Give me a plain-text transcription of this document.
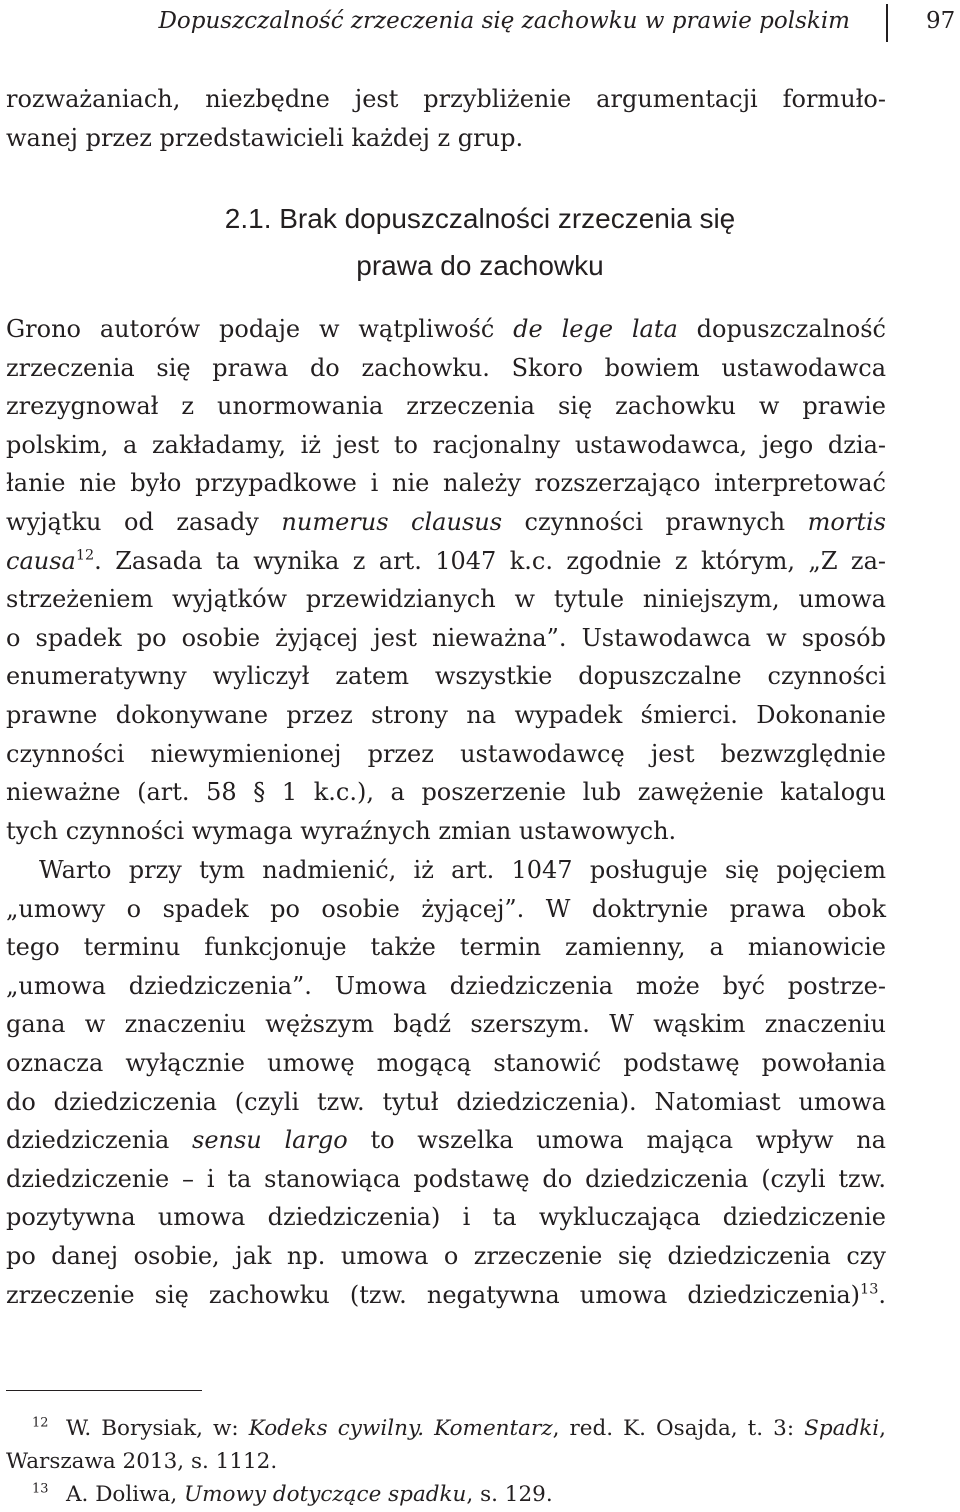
Dopuszczalność zrzeczenia się zachowku w prawie polskim	97
rozważaniach, niezbędne jest przybliżenie argumentacji formuło-
wanej przez przedstawicieli każdej z grup.
2.1. Brak dopuszczalności zrzeczenia się
prawa do zachowku
Grono autorów podaje w wątpliwość de lege lata dopuszczalność
zrzeczenia się prawa do zachowku. Skoro bowiem ustawodawca
zrezygnował z unormowania zrzeczenia się zachowku w prawie
polskim, a zakładamy, iż jest to racjonalny ustawodawca, jego dzia-
łanie nie było przypadkowe i nie należy rozszerzająco interpretować
wyjątku od zasady numerus clausus czynności prawnych mortis
causa$^{12}$. Zasada ta wynika z art. 1047 k.c. zgodnie z którym, „Z za-
strzeżeniem wyjątków przewidzianych w tytule niniejszym, umowa
o spadek po osobie żyjącej jest nieważna”. Ustawodawca w sposób
enumeratywny wyliczył zatem wszystkie dopuszczalne czynności
prawne dokonywane przez strony na wypadek śmierci. Dokonanie
czynności niewymienionej przez ustawodawcę jest bezwzględnie
nieważne (art. 58 § 1 k.c.), a poszerzenie lub zawężenie katalogu
tych czynności wymaga wyraźnych zmian ustawowych.
Warto przy tym nadmienić, iż art. 1047 posługuje się pojęciem
„umowy o spadek po osobie żyjącej”. W doktrynie prawa obok
tego terminu funkcjonuje także termin zamienny, a mianowicie
„umowa dziedziczenia”. Umowa dziedziczenia może być postrze-
gana w znaczeniu węższym bądź szerszym. W wąskim znaczeniu
oznacza wyłącznie umowę mogącą stanowić podstawę powołania
do dziedziczenia (czyli tzw. tytuł dziedziczenia). Natomiast umowa
dziedziczenia sensu largo to wszelka umowa mająca wpływ na
dziedziczenie – i ta stanowiąca podstawę do dziedziczenia (czyli tzw.
pozytywna umowa dziedziczenia) i ta wykluczająca dziedziczenie
po danej osobie, jak np. umowa o zrzeczenie się dziedziczenia czy
zrzeczenie się zachowku (tzw. negatywna umowa dziedziczenia)$^{13}$.
$^{12}$ W. Borysiak, w: Kodeks cywilny. Komentarz, red. K. Osajda, t. 3: Spadki,
Warszawa 2013, s. 1112.
$^{13}$ A. Doliwa, Umowy dotyczące spadku, s. 129.
